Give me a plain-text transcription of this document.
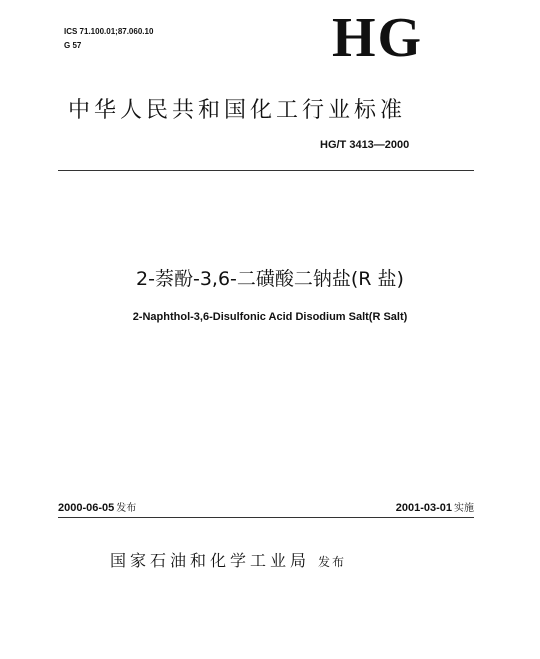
ICS 71.100.01;87.060.10
G 57	HG
中华人民共和国化工行业标准
HG/T 3413—2000
2-萘酚-3,6-二磺酸二钠盐(R 盐)
2-Naphthol-3,6-Disulfonic Acid Disodium Salt(R Salt)
2000-06-05 发布	2001-03-01 实施
国家石油和化学工业局 发布
